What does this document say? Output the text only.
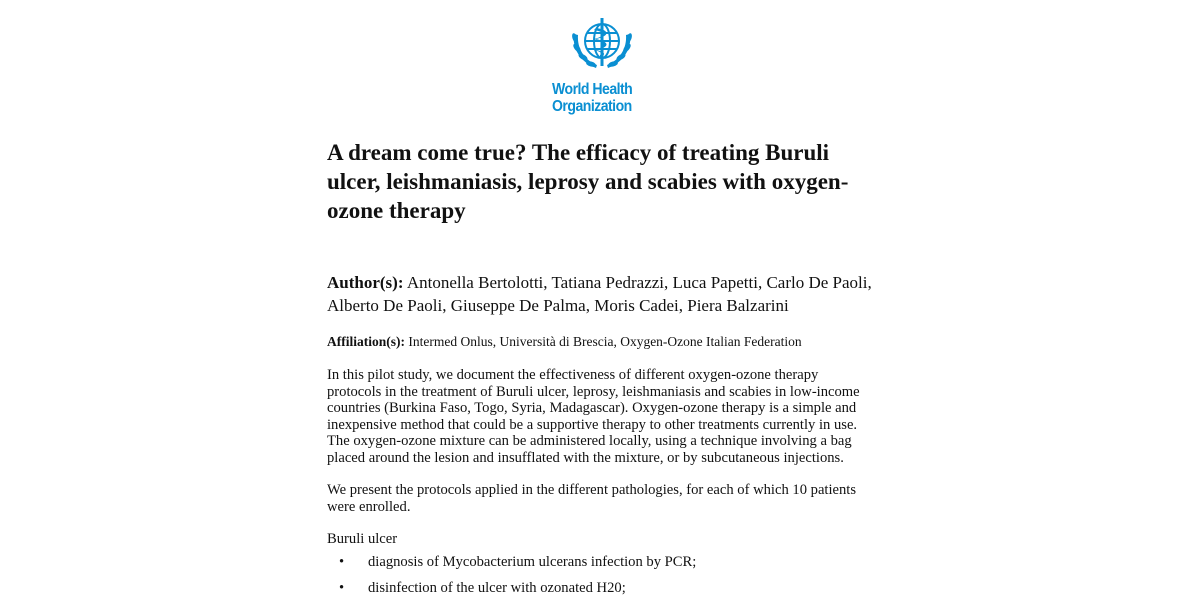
World Health
Organization
A dream come true? The efficacy of treating Buruli ulcer, leishmaniasis, leprosy and scabies with oxygen-ozone therapy
Author(s): Antonella Bertolotti, Tatiana Pedrazzi, Luca Papetti, Carlo De Paoli, Alberto De Paoli, Giuseppe De Palma, Moris Cadei, Piera Balzarini
Affiliation(s): Intermed Onlus, Università di Brescia, Oxygen-Ozone Italian Federation

In this pilot study, we document the effectiveness of different oxygen-ozone therapy protocols in the treatment of Buruli ulcer, leprosy, leishmaniasis and scabies in low-income countries (Burkina Faso, Togo, Syria, Madagascar). Oxygen-ozone therapy is a simple and inexpensive method that could be a supportive therapy to other treatments currently in use. The oxygen-ozone mixture can be administered locally, using a technique involving a bag placed around the lesion and insufflated with the mixture, or by subcutaneous injections.

We present the protocols applied in the different pathologies, for each of which 10 patients were enrolled.

Buruli ulcer
• diagnosis of Mycobacterium ulcerans infection by PCR;
• disinfection of the ulcer with ozonated H20;
